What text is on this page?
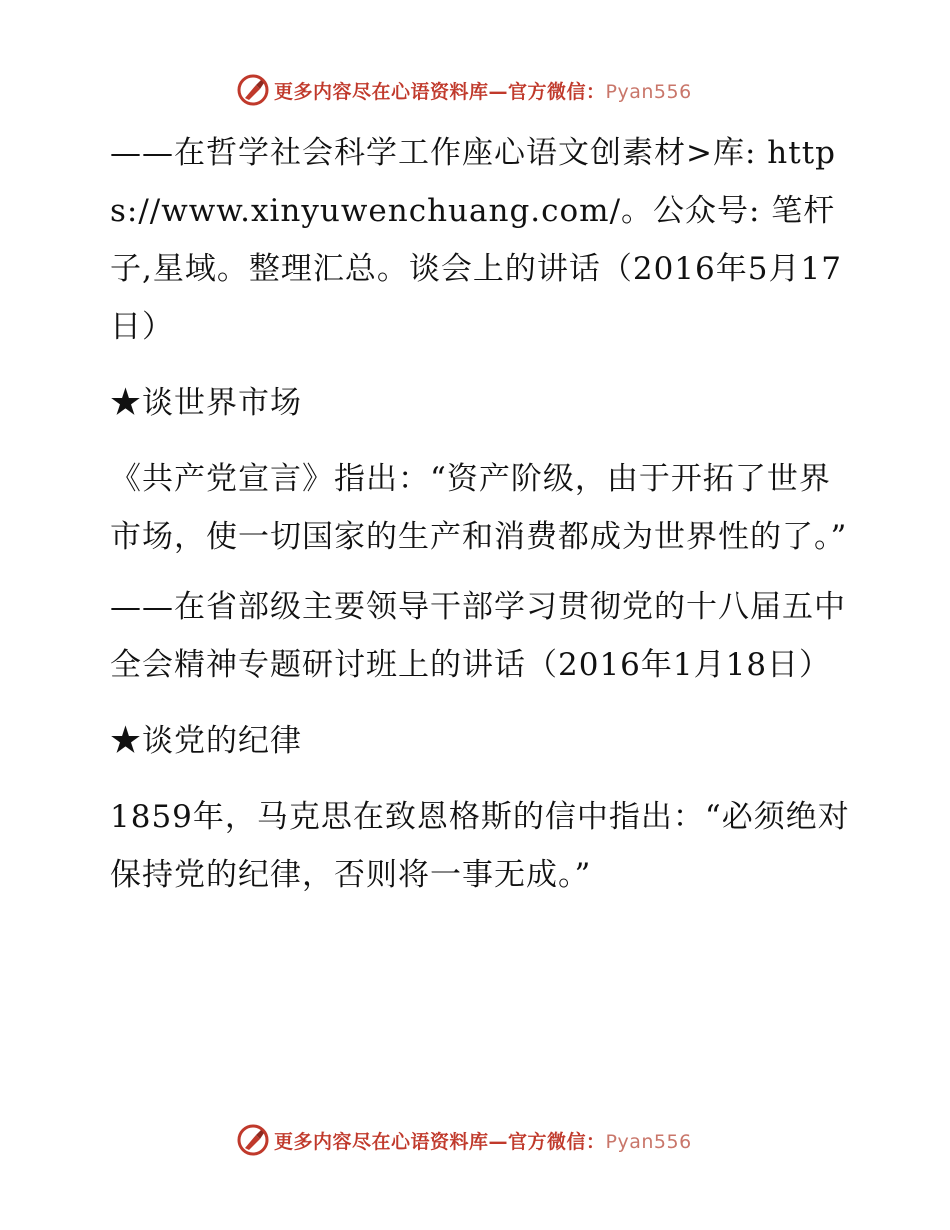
更多内容尽在心语资料库—官方微信：Pyan556

——在哲学社会科学工作座心语文创素材>库: https://www.xinyuwenchuang.com/。公众号: 笔杆子,星域。整理汇总。谈会上的讲话（2016年5月17日）

★谈世界市场

《共产党宣言》指出：“资产阶级，由于开拓了世界市场，使一切国家的生产和消费都成为世界性的了。”

——在省部级主要领导干部学习贯彻党的十八届五中全会精神专题研讨班上的讲话（2016年1月18日）

★谈党的纪律

1859年，马克思在致恩格斯的信中指出：“必须绝对保持党的纪律，否则将一事无成。”

更多内容尽在心语资料库—官方微信：Pyan556
